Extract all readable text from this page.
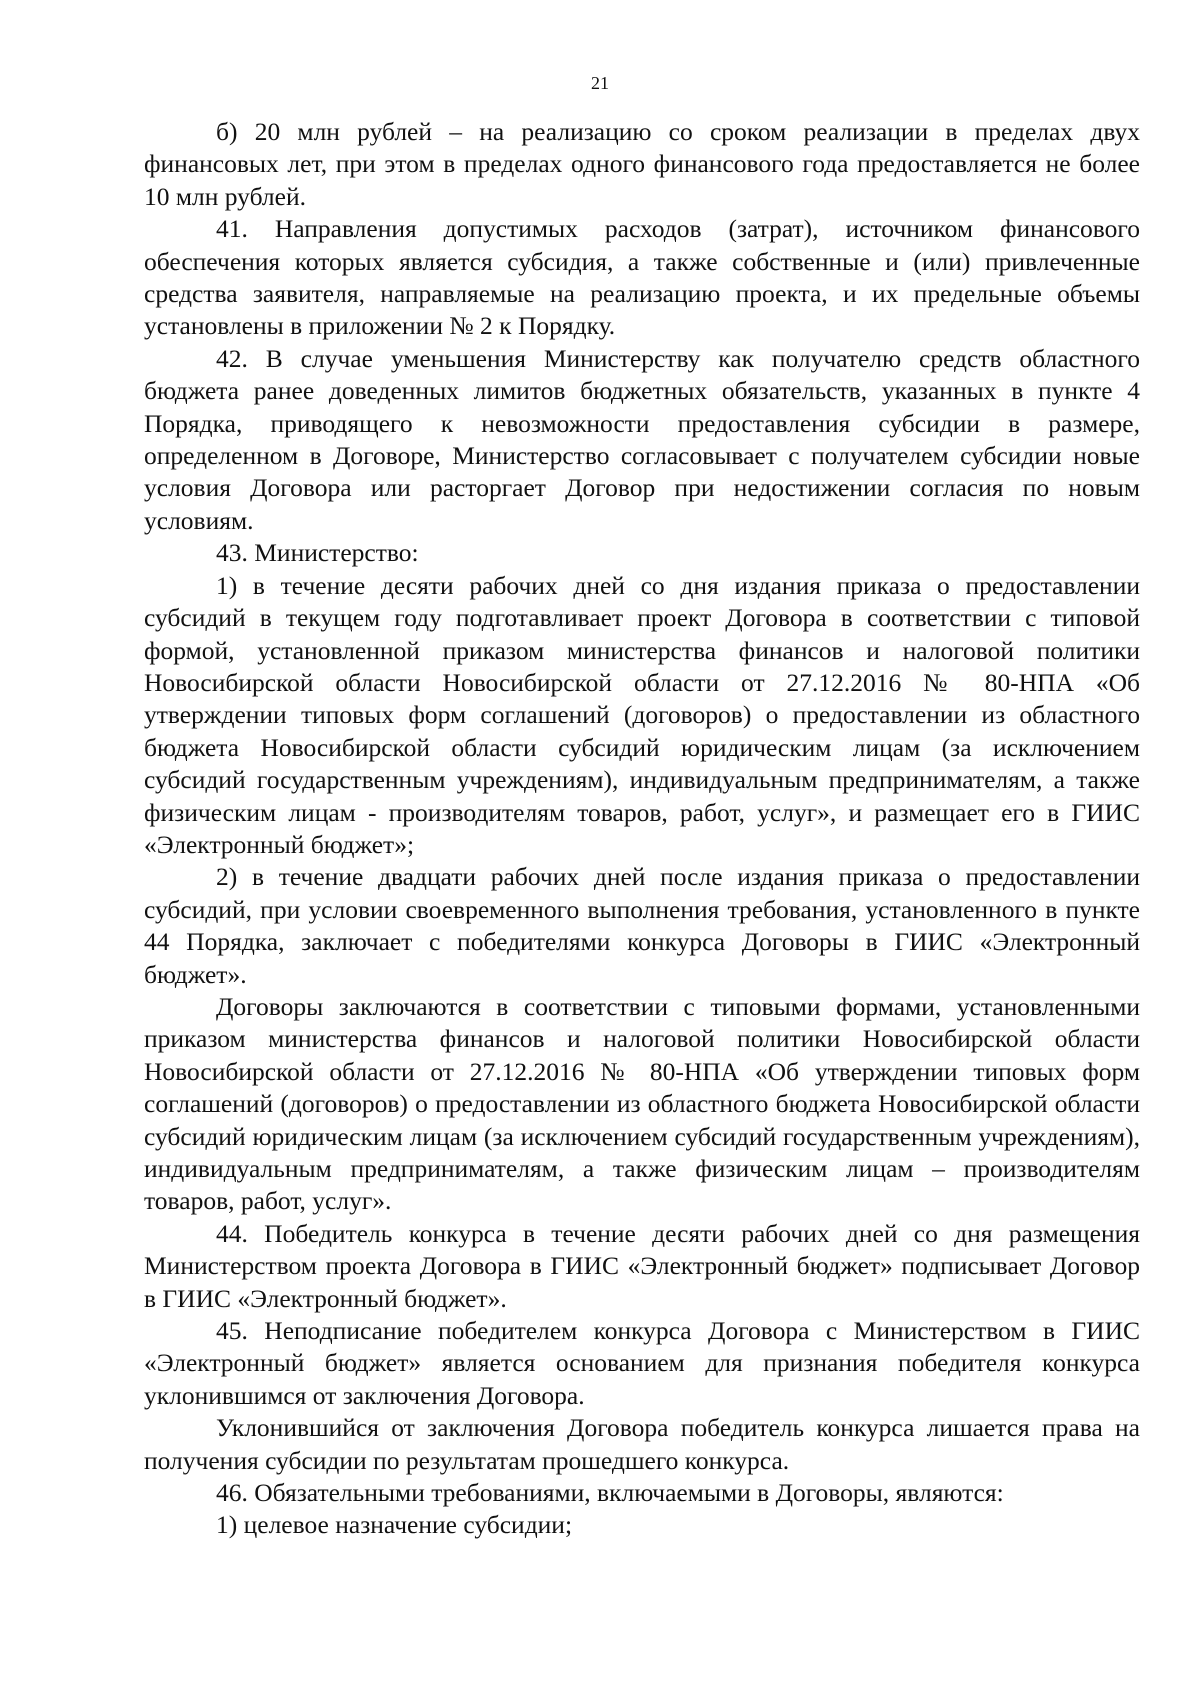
21

б) 20 млн рублей – на реализацию со сроком реализации в пределах двух финансовых лет, при этом в пределах одного финансового года предоставляется не более 10 млн рублей.

41. Направления допустимых расходов (затрат), источником финансового обеспечения которых является субсидия, а также собственные и (или) привлеченные средства заявителя, направляемые на реализацию проекта, и их предельные объемы установлены в приложении № 2 к Порядку.

42. В случае уменьшения Министерству как получателю средств областного бюджета ранее доведенных лимитов бюджетных обязательств, указанных в пункте 4 Порядка, приводящего к невозможности предоставления субсидии в размере, определенном в Договоре, Министерство согласовывает с получателем субсидии новые условия Договора или расторгает Договор при недостижении согласия по новым условиям.

43. Министерство:

1) в течение десяти рабочих дней со дня издания приказа о предоставлении субсидий в текущем году подготавливает проект Договора в соответствии с типовой формой, установленной приказом министерства финансов и налоговой политики Новосибирской области Новосибирской области от 27.12.2016 № 80-НПА «Об утверждении типовых форм соглашений (договоров) о предоставлении из областного бюджета Новосибирской области субсидий юридическим лицам (за исключением субсидий государственным учреждениям), индивидуальным предпринимателям, а также физическим лицам - производителям товаров, работ, услуг», и размещает его в ГИИС «Электронный бюджет»;

2) в течение двадцати рабочих дней после издания приказа о предоставлении субсидий, при условии своевременного выполнения требования, установленного в пункте 44 Порядка, заключает с победителями конкурса Договоры в ГИИС «Электронный бюджет».

Договоры заключаются в соответствии с типовыми формами, установленными приказом министерства финансов и налоговой политики Новосибирской области Новосибирской области от 27.12.2016 № 80-НПА «Об утверждении типовых форм соглашений (договоров) о предоставлении из областного бюджета Новосибирской области субсидий юридическим лицам (за исключением субсидий государственным учреждениям), индивидуальным предпринимателям, а также физическим лицам – производителям товаров, работ, услуг».

44. Победитель конкурса в течение десяти рабочих дней со дня размещения Министерством проекта Договора в ГИИС «Электронный бюджет» подписывает Договор в ГИИС «Электронный бюджет».

45. Неподписание победителем конкурса Договора с Министерством в ГИИС «Электронный бюджет» является основанием для признания победителя конкурса уклонившимся от заключения Договора.

Уклонившийся от заключения Договора победитель конкурса лишается права на получения субсидии по результатам прошедшего конкурса.

46. Обязательными требованиями, включаемыми в Договоры, являются:

1) целевое назначение субсидии;
